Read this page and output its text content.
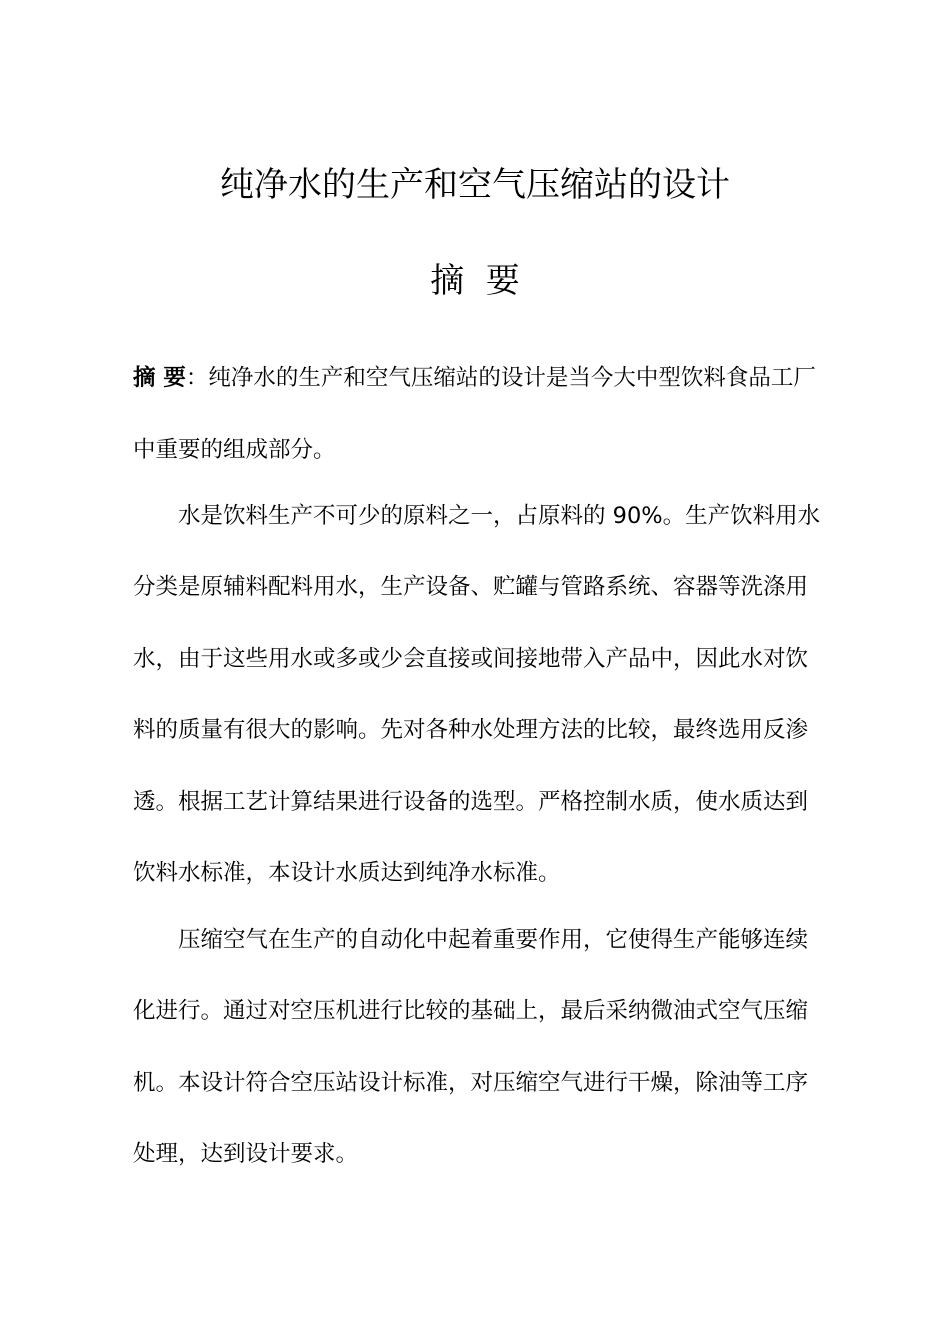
纯净水的生产和空气压缩站的设计
摘  要
摘 要：纯净水的生产和空气压缩站的设计是当今大中型饮料食品工厂
中重要的组成部分。
水是饮料生产不可少的原料之一，占原料的 90%。生产饮料用水
分类是原辅料配料用水，生产设备、贮罐与管路系统、容器等洗涤用
水，由于这些用水或多或少会直接或间接地带入产品中，因此水对饮
料的质量有很大的影响。先对各种水处理方法的比较，最终选用反渗
透。根据工艺计算结果进行设备的选型。严格控制水质，使水质达到
饮料水标准，本设计水质达到纯净水标准。
压缩空气在生产的自动化中起着重要作用，它使得生产能够连续
化进行。通过对空压机进行比较的基础上，最后采纳微油式空气压缩
机。本设计符合空压站设计标准，对压缩空气进行干燥，除油等工序
处理，达到设计要求。
